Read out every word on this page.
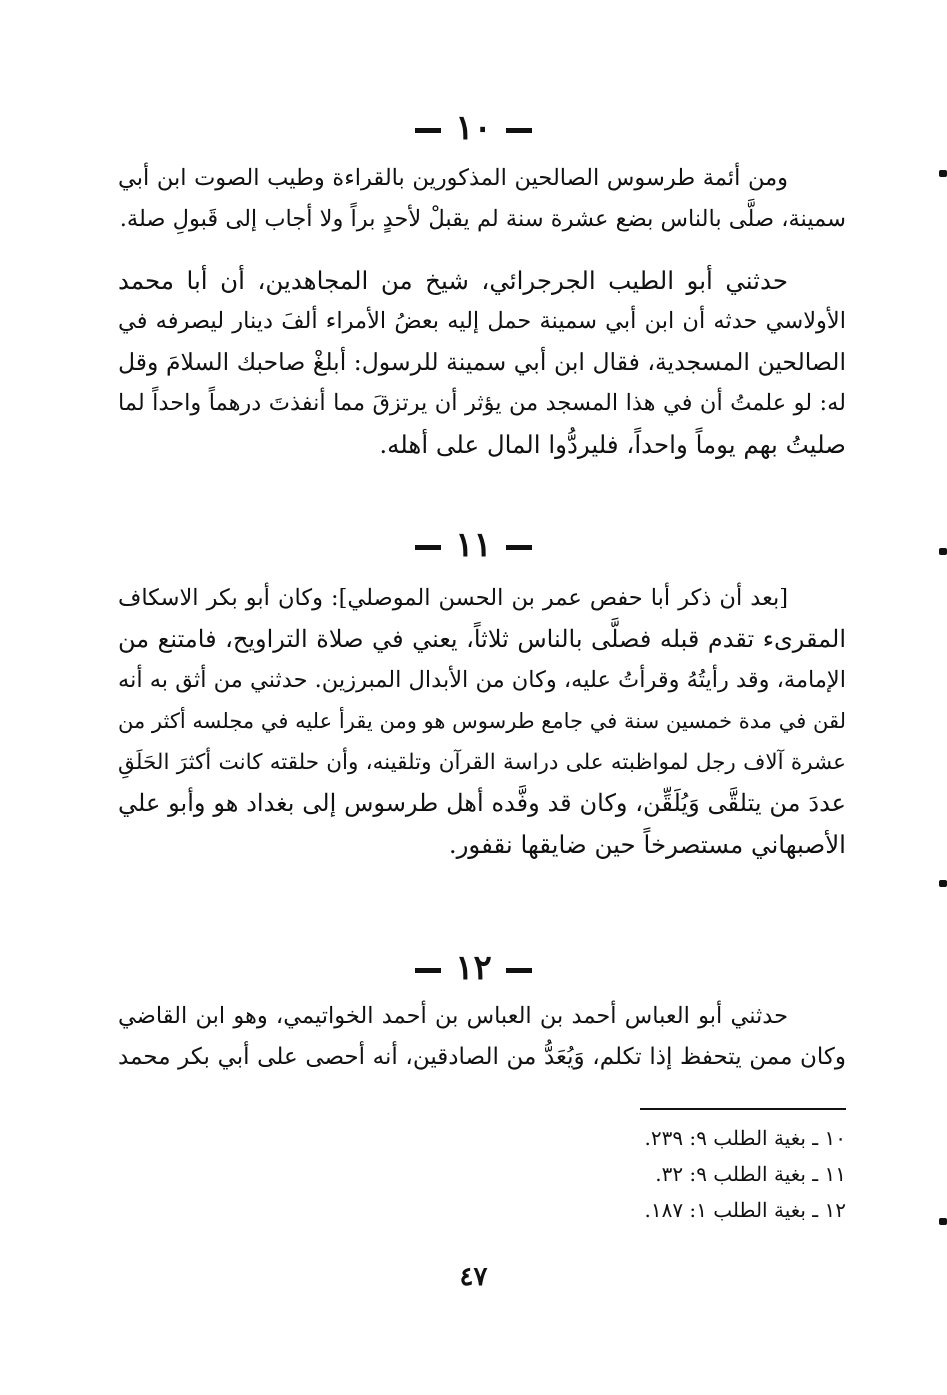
١٠
ومن أئمة طرسوس الصالحين المذكورين بالقراءة وطيب الصوت ابن أبي
سمينة، صلَّى بالناس بضع عشرة سنة لم يقبلْ لأحدٍ براً ولا أجاب إلى قَبولِ صلة.
حدثني أبو الطيب الجرجرائي، شيخ من المجاهدين، أن أبا محمد
الأولاسي حدثه أن ابن أبي سمينة حمل إليه بعضُ الأمراء ألفَ دينار ليصرفه في
الصالحين المسجدية، فقال ابن أبي سمينة للرسول: أبلغْ صاحبك السلامَ وقل
له: لو علمتُ أن في هذا المسجد من يؤثر أن يرتزقَ مما أنفذتَ درهماً واحداً لما
صليتُ بهم يوماً واحداً، فليردُّوا المال على أهله.
١١
[بعد أن ذكر أبا حفص عمر بن الحسن الموصلي]: وكان أبو بكر الاسكاف
المقرىء تقدم قبله فصلَّى بالناس ثلاثاً، يعني في صلاة التراويح، فامتنع من
الإمامة، وقد رأيتُهُ وقرأتُ عليه، وكان من الأبدال المبرزين. حدثني من أثق به أنه
لقن في مدة خمسين سنة في جامع طرسوس هو ومن يقرأ عليه في مجلسه أكثر من
عشرة آلاف رجل لمواظبته على دراسة القرآن وتلقينه، وأن حلقته كانت أكثرَ الحَلَقِ
عددَ من يتلقَّى وَيُلَقِّن، وكان قد وفَّده أهل طرسوس إلى بغداد هو وأبو علي
الأصبهاني مستصرخاً حين ضايقها نقفور.
١٢
حدثني أبو العباس أحمد بن العباس بن أحمد الخواتيمي، وهو ابن القاضي
وكان ممن يتحفظ إذا تكلم، وَيُعَدُّ من الصادقين، أنه أحصى على أبي بكر محمد
١٠ ـ بغية الطلب ٩: ٢٣٩.
١١ ـ بغية الطلب ٩: ٣٢.
١٢ ـ بغية الطلب ١: ١٨٧.
٤٧
